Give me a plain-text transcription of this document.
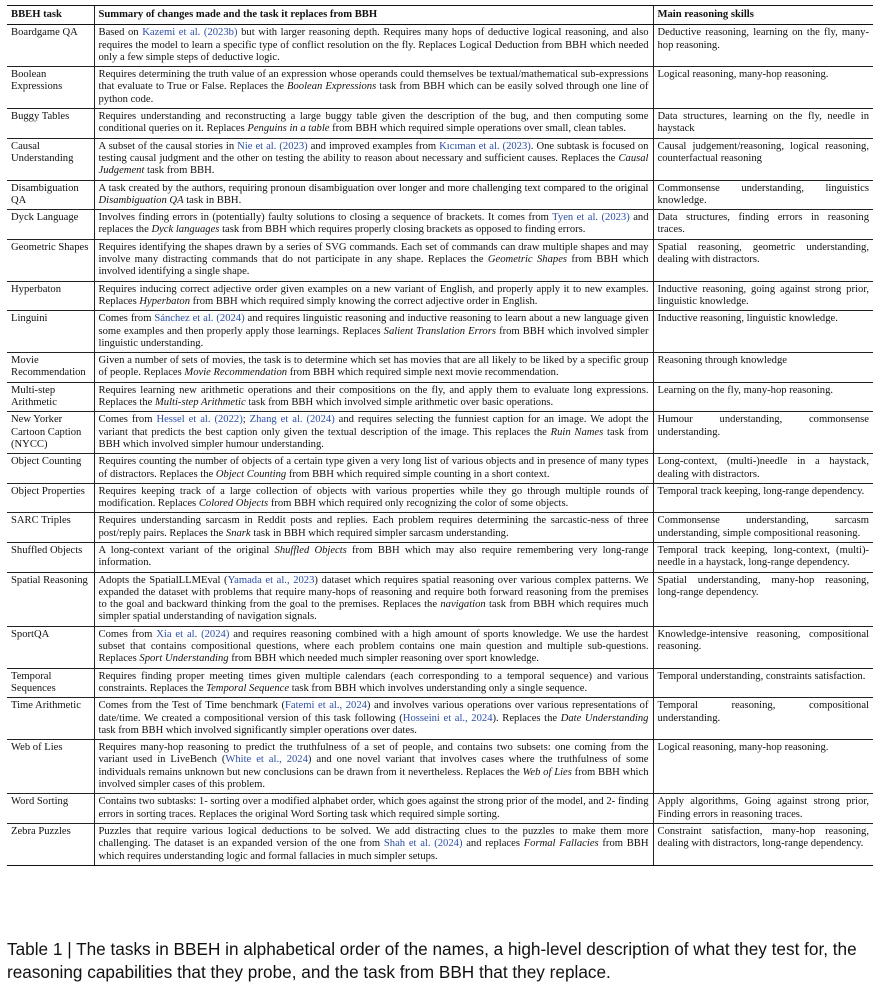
BBEH task	Summary of changes made and the task it replaces from BBH	Main reasoning skills
Boardgame QA	Based on Kazemi et al. (2023b) but with larger reasoning depth. Requires many hops of deductive logical reasoning, and also requires the model to learn a specific type of conflict resolution on the fly. Replaces Logical Deduction from BBH which needed only a few simple steps of deductive logic.	Deductive reasoning, learning on the fly, many-hop reasoning.
Boolean Expressions	Requires determining the truth value of an expression whose operands could themselves be textual/mathematical sub-expressions that evaluate to True or False. Replaces the Boolean Expressions task from BBH which can be easily solved through one line of python code.	Logical reasoning, many-hop reasoning.
Buggy Tables	Requires understanding and reconstructing a large buggy table given the description of the bug, and then computing some conditional queries on it. Replaces Penguins in a table from BBH which required simple operations over small, clean tables.	Data structures, learning on the fly, needle in haystack
Causal Understanding	A subset of the causal stories in Nie et al. (2023) and improved examples from Kıcıman et al. (2023). One subtask is focused on testing causal judgment and the other on testing the ability to reason about necessary and sufficient causes. Replaces the Causal Judgement task from BBH.	Causal judgement/reasoning, logical reasoning, counterfactual reasoning
Disambiguation QA	A task created by the authors, requiring pronoun disambiguation over longer and more challenging text compared to the original Disambiguation QA task in BBH.	Commonsense understanding, linguistics knowledge.
Dyck Language	Involves finding errors in (potentially) faulty solutions to closing a sequence of brackets. It comes from Tyen et al. (2023) and replaces the Dyck languages task from BBH which requires properly closing brackets as opposed to finding errors.	Data structures, finding errors in reasoning traces.
Geometric Shapes	Requires identifying the shapes drawn by a series of SVG commands. Each set of commands can draw multiple shapes and may involve many distracting commands that do not participate in any shape. Replaces the Geometric Shapes from BBH which involved identifying a single shape.	Spatial reasoning, geometric understanding, dealing with distractors.
Hyperbaton	Requires inducing correct adjective order given examples on a new variant of English, and properly apply it to new examples. Replaces Hyperbaton from BBH which required simply knowing the correct adjective order in English.	Inductive reasoning, going against strong prior, linguistic knowledge.
Linguini	Comes from Sánchez et al. (2024) and requires linguistic reasoning and inductive reasoning to learn about a new language given some examples and then properly apply those learnings. Replaces Salient Translation Errors from BBH which involved simpler linguistic understanding.	Inductive reasoning, linguistic knowledge.
Movie Recommendation	Given a number of sets of movies, the task is to determine which set has movies that are all likely to be liked by a specific group of people. Replaces Movie Recommendation from BBH which required simple next movie recommendation.	Reasoning through knowledge
Multi-step Arithmetic	Requires learning new arithmetic operations and their compositions on the fly, and apply them to evaluate long expressions. Replaces the Multi-step Arithmetic task from BBH which involved simple arithmetic over basic operations.	Learning on the fly, many-hop reasoning.
New Yorker Cartoon Caption (NYCC)	Comes from Hessel et al. (2022); Zhang et al. (2024) and requires selecting the funniest caption for an image. We adopt the variant that predicts the best caption only given the textual description of the image. This replaces the Ruin Names task from BBH which involved simpler humour understanding.	Humour understanding, commonsense understanding.
Object Counting	Requires counting the number of objects of a certain type given a very long list of various objects and in presence of many types of distractors. Replaces the Object Counting from BBH which required simple counting in a short context.	Long-context, (multi-)needle in a haystack, dealing with distractors.
Object Properties	Requires keeping track of a large collection of objects with various properties while they go through multiple rounds of modification. Replaces Colored Objects from BBH which required only recognizing the color of some objects.	Temporal track keeping, long-range dependency.
SARC Triples	Requires understanding sarcasm in Reddit posts and replies. Each problem requires determining the sarcastic-ness of three post/reply pairs. Replaces the Snark task in BBH which required simpler sarcasm understanding.	Commonsense understanding, sarcasm understanding, simple compositional reasoning.
Shuffled Objects	A long-context variant of the original Shuffled Objects from BBH which may also require remembering very long-range information.	Temporal track keeping, long-context, (multi)-needle in a haystack, long-range dependency.
Spatial Reasoning	Adopts the SpatialLLMEval (Yamada et al., 2023) dataset which requires spatial reasoning over various complex patterns. We expanded the dataset with problems that require many-hops of reasoning and require both forward reasoning from the premises to the goal and backward thinking from the goal to the premises. Replaces the navigation task from BBH which requires much simpler spatial understanding of navigation signals.	Spatial understanding, many-hop reasoning, long-range dependency.
SportQA	Comes from Xia et al. (2024) and requires reasoning combined with a high amount of sports knowledge. We use the hardest subset that contains compositional questions, where each problem contains one main question and multiple sub-questions. Replaces Sport Understanding from BBH which needed much simpler reasoning over sport knowledge.	Knowledge-intensive reasoning, compositional reasoning.
Temporal Sequences	Requires finding proper meeting times given multiple calendars (each corresponding to a temporal sequence) and various constraints. Replaces the Temporal Sequence task from BBH which involves understanding only a single sequence.	Temporal understanding, constraints satisfaction.
Time Arithmetic	Comes from the Test of Time benchmark (Fatemi et al., 2024) and involves various operations over various representations of date/time. We created a compositional version of this task following (Hosseini et al., 2024). Replaces the Date Understanding task from BBH which involved significantly simpler operations over dates.	Temporal reasoning, compositional understanding.
Web of Lies	Requires many-hop reasoning to predict the truthfulness of a set of people, and contains two subsets: one coming from the variant used in LiveBench (White et al., 2024) and one novel variant that involves cases where the truthfulness of some individuals remains unknown but new conclusions can be drawn from it nevertheless. Replaces the Web of Lies from BBH which involved simpler cases of this problem.	Logical reasoning, many-hop reasoning.
Word Sorting	Contains two subtasks: 1- sorting over a modified alphabet order, which goes against the strong prior of the model, and 2- finding errors in sorting traces. Replaces the original Word Sorting task which required simple sorting.	Apply algorithms, Going against strong prior, Finding errors in reasoning traces.
Zebra Puzzles	Puzzles that require various logical deductions to be solved. We add distracting clues to the puzzles to make them more challenging. The dataset is an expanded version of the one from Shah et al. (2024) and replaces Formal Fallacies from BBH which requires understanding logic and formal fallacies in much simpler setups.	Constraint satisfaction, many-hop reasoning, dealing with distractors, long-range dependency.
Table 1 | The tasks in BBEH in alphabetical order of the names, a high-level description of what they test for, the reasoning capabilities that they probe, and the task from BBH that they replace.
